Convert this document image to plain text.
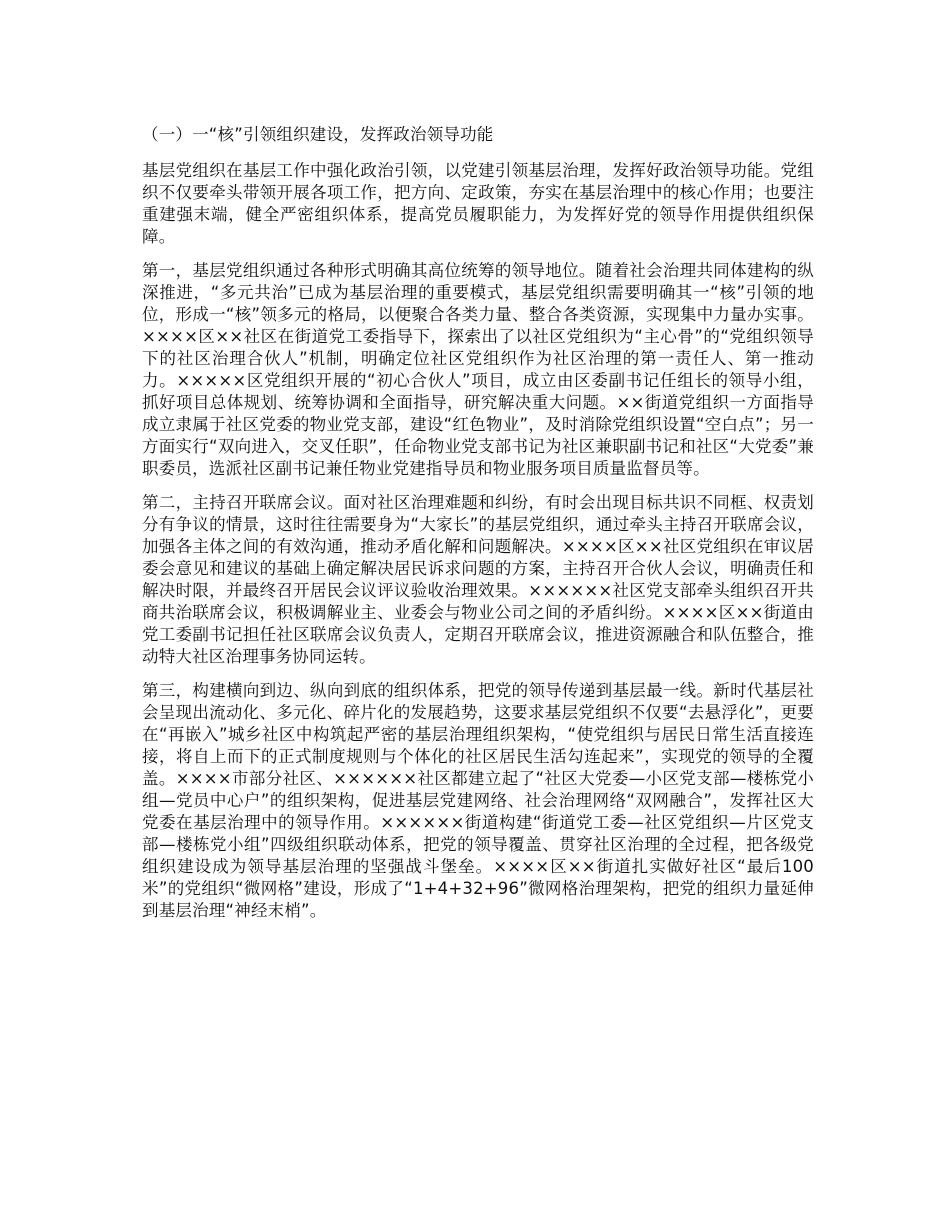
（一）一“核”引领组织建设，发挥政治领导功能

基层党组织在基层工作中强化政治引领，以党建引领基层治理，发挥好政治领导功能。党组织不仅要牵头带领开展各项工作，把方向、定政策，夯实在基层治理中的核心作用；也要注重建强末端，健全严密组织体系，提高党员履职能力，为发挥好党的领导作用提供组织保障。

第一，基层党组织通过各种形式明确其高位统筹的领导地位。随着社会治理共同体建构的纵深推进，“多元共治”已成为基层治理的重要模式，基层党组织需要明确其一“核”引领的地位，形成一“核”领多元的格局，以便聚合各类力量、整合各类资源，实现集中力量办实事。××××区××社区在街道党工委指导下，探索出了以社区党组织为“主心骨”的“党组织领导下的社区治理合伙人”机制，明确定位社区党组织作为社区治理的第一责任人、第一推动力。×××××区党组织开展的“初心合伙人”项目，成立由区委副书记任组长的领导小组，抓好项目总体规划、统筹协调和全面指导，研究解决重大问题。××街道党组织一方面指导成立隶属于社区党委的物业党支部，建设“红色物业”，及时消除党组织设置“空白点”；另一方面实行“双向进入，交叉任职”，任命物业党支部书记为社区兼职副书记和社区“大党委”兼职委员，选派社区副书记兼任物业党建指导员和物业服务项目质量监督员等。

第二，主持召开联席会议。面对社区治理难题和纠纷，有时会出现目标共识不同框、权责划分有争议的情景，这时往往需要身为“大家长”的基层党组织，通过牵头主持召开联席会议，加强各主体之间的有效沟通，推动矛盾化解和问题解决。××××区××社区党组织在审议居委会意见和建议的基础上确定解决居民诉求问题的方案，主持召开合伙人会议，明确责任和解决时限，并最终召开居民会议评议验收治理效果。××××××社区党支部牵头组织召开共商共治联席会议，积极调解业主、业委会与物业公司之间的矛盾纠纷。××××区××街道由党工委副书记担任社区联席会议负责人，定期召开联席会议，推进资源融合和队伍整合，推动特大社区治理事务协同运转。

第三，构建横向到边、纵向到底的组织体系，把党的领导传递到基层最一线。新时代基层社会呈现出流动化、多元化、碎片化的发展趋势，这要求基层党组织不仅要“去悬浮化”，更要在“再嵌入”城乡社区中构筑起严密的基层治理组织架构，“使党组织与居民日常生活直接连接，将自上而下的正式制度规则与个体化的社区居民生活勾连起来”，实现党的领导的全覆盖。××××市部分社区、××××××社区都建立起了“社区大党委—小区党支部—楼栋党小组—党员中心户”的组织架构，促进基层党建网络、社会治理网络“双网融合”，发挥社区大党委在基层治理中的领导作用。××××××街道构建“街道党工委—社区党组织—片区党支部—楼栋党小组”四级组织联动体系，把党的领导覆盖、贯穿社区治理的全过程，把各级党组织建设成为领导基层治理的坚强战斗堡垒。××××区××街道扎实做好社区“最后100米”的党组织“微网格”建设，形成了“1+4+32+96”微网格治理架构，把党的组织力量延伸到基层治理“神经末梢”。
